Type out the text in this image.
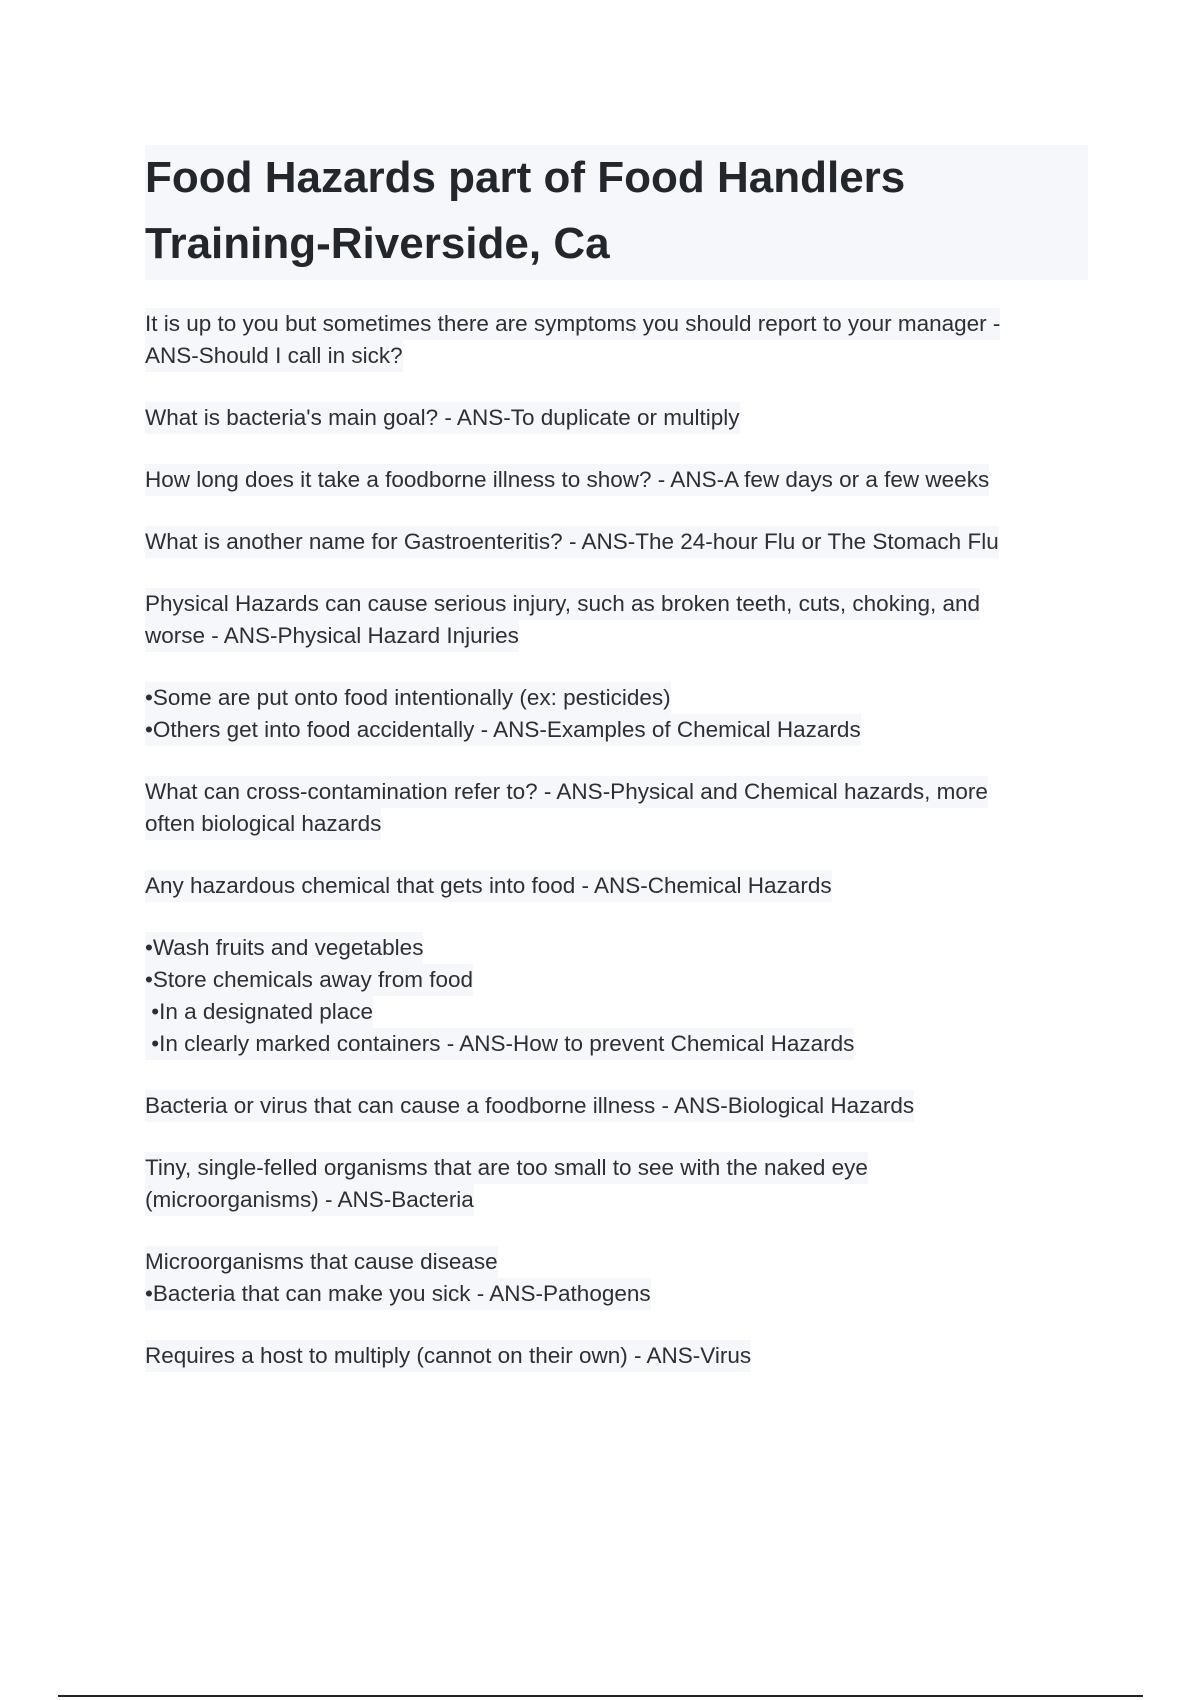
Food Hazards part of Food Handlers
Training-Riverside, Ca
It is up to you but sometimes there are symptoms you should report to your manager -
ANS-Should I call in sick?
What is bacteria's main goal? - ANS-To duplicate or multiply
How long does it take a foodborne illness to show? - ANS-A few days or a few weeks
What is another name for Gastroenteritis? - ANS-The 24-hour Flu or The Stomach Flu
Physical Hazards can cause serious injury, such as broken teeth, cuts, choking, and
worse - ANS-Physical Hazard Injuries
•Some are put onto food intentionally (ex: pesticides)
•Others get into food accidentally - ANS-Examples of Chemical Hazards
What can cross-contamination refer to? - ANS-Physical and Chemical hazards, more
often biological hazards
Any hazardous chemical that gets into food - ANS-Chemical Hazards
•Wash fruits and vegetables
•Store chemicals away from food
•In a designated place
•In clearly marked containers - ANS-How to prevent Chemical Hazards
Bacteria or virus that can cause a foodborne illness - ANS-Biological Hazards
Tiny, single-felled organisms that are too small to see with the naked eye
(microorganisms) - ANS-Bacteria
Microorganisms that cause disease
•Bacteria that can make you sick - ANS-Pathogens
Requires a host to multiply (cannot on their own) - ANS-Virus
